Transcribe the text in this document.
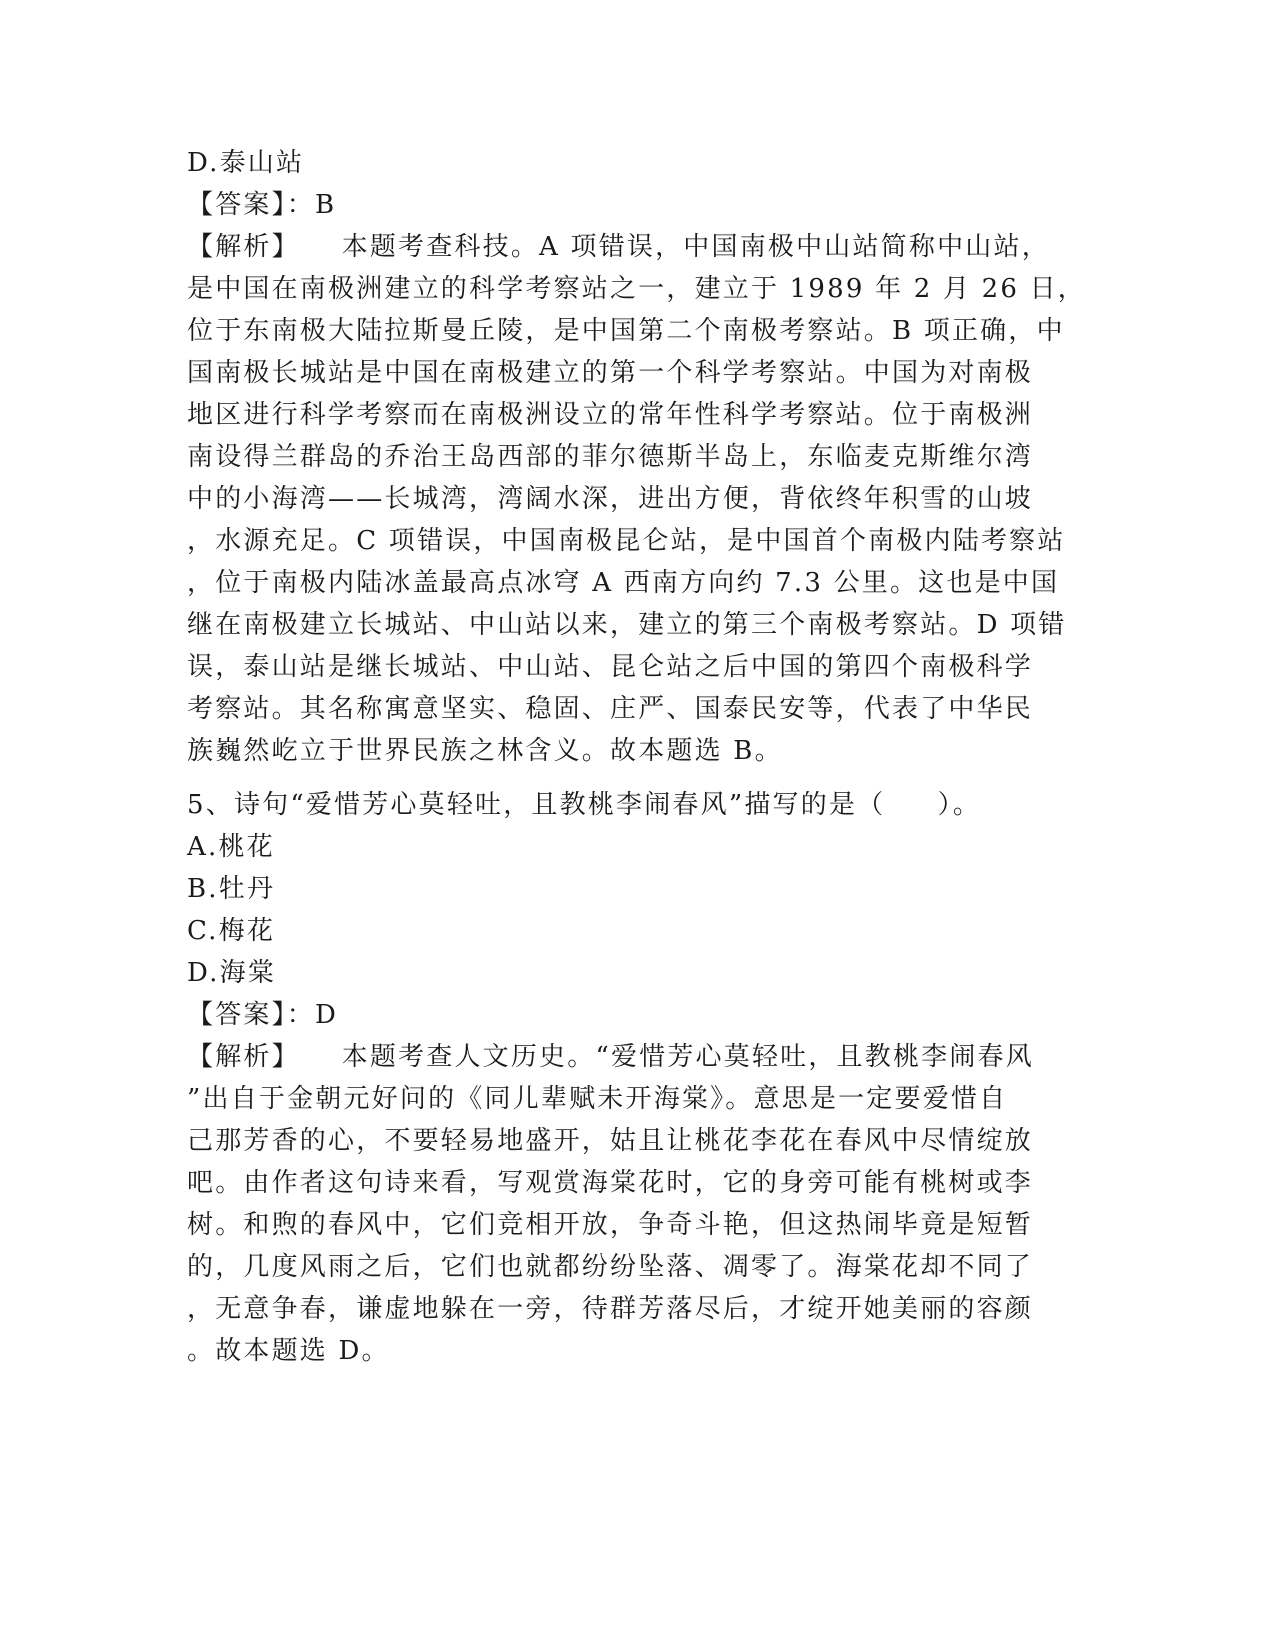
D.泰山站
【答案】：B
【解析】    本题考查科技。A 项错误，中国南极中山站简称中山站，
是中国在南极洲建立的科学考察站之一，建立于 1989 年 2 月 26 日，
位于东南极大陆拉斯曼丘陵，是中国第二个南极考察站。B 项正确，中
国南极长城站是中国在南极建立的第一个科学考察站。中国为对南极
地区进行科学考察而在南极洲设立的常年性科学考察站。位于南极洲
南设得兰群岛的乔治王岛西部的菲尔德斯半岛上，东临麦克斯维尔湾
中的小海湾——长城湾，湾阔水深，进出方便，背依终年积雪的山坡
，水源充足。C 项错误，中国南极昆仑站，是中国首个南极内陆考察站
，位于南极内陆冰盖最高点冰穹 A 西南方向约 7.3 公里。这也是中国
继在南极建立长城站、中山站以来，建立的第三个南极考察站。D 项错
误，泰山站是继长城站、中山站、昆仑站之后中国的第四个南极科学
考察站。其名称寓意坚实、稳固、庄严、国泰民安等，代表了中华民
族巍然屹立于世界民族之林含义。故本题选 B。
5、诗句“爱惜芳心莫轻吐，且教桃李闹春风”描写的是（     ）。
A.桃花
B.牡丹
C.梅花
D.海棠
【答案】：D
【解析】    本题考查人文历史。“爱惜芳心莫轻吐，且教桃李闹春风
”出自于金朝元好问的《同儿辈赋未开海棠》。意思是一定要爱惜自
己那芳香的心，不要轻易地盛开，姑且让桃花李花在春风中尽情绽放
吧。由作者这句诗来看，写观赏海棠花时，它的身旁可能有桃树或李
树。和煦的春风中，它们竞相开放，争奇斗艳，但这热闹毕竟是短暂
的，几度风雨之后，它们也就都纷纷坠落、凋零了。海棠花却不同了
，无意争春，谦虚地躲在一旁，待群芳落尽后，才绽开她美丽的容颜
。故本题选 D。
